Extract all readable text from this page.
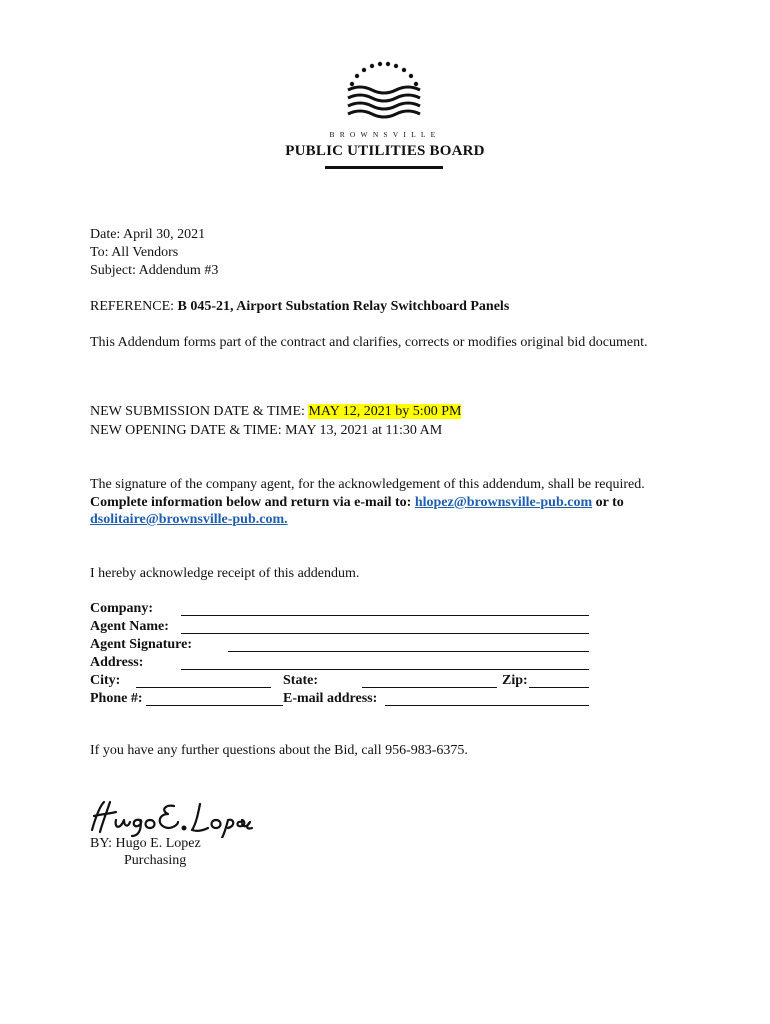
BROWNSVILLE
PUBLIC UTILITIES BOARD
Date: April 30, 2021
To: All Vendors
Subject: Addendum #3
REFERENCE: B 045-21, Airport Substation Relay Switchboard Panels
This Addendum forms part of the contract and clarifies, corrects or modifies original bid document.
NEW SUBMISSION DATE & TIME: MAY 12, 2021 by 5:00 PM
NEW OPENING DATE & TIME: MAY 13, 2021 at 11:30 AM
The signature of the company agent, for the acknowledgement of this addendum, shall be required.
Complete information below and return via e-mail to: hlopez@brownsville-pub.com or to
dsolitaire@brownsville-pub.com.
I hereby acknowledge receipt of this addendum.
Company:
Agent Name:
Agent Signature:
Address:
City:	State:	Zip:
Phone #:	E-mail address:
If you have any further questions about the Bid, call 956-983-6375.
BY: Hugo E. Lopez
Purchasing
